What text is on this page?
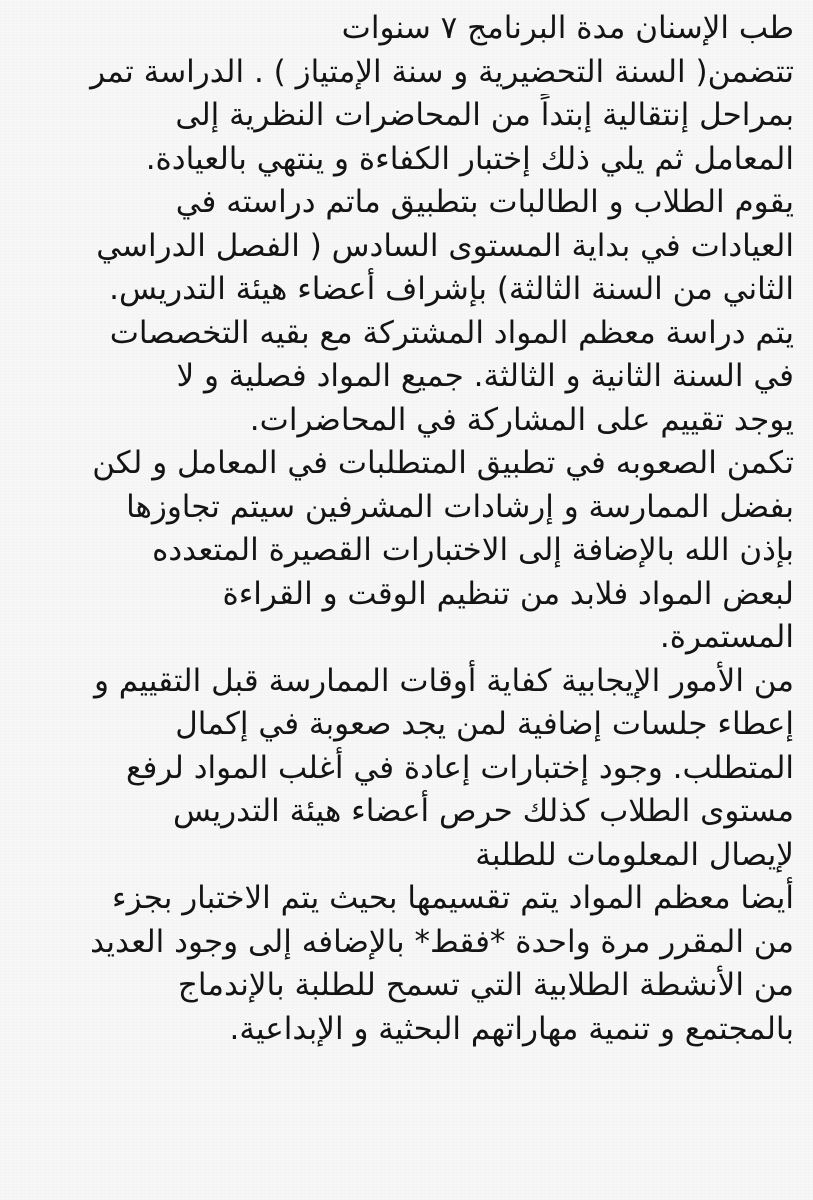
طب الإسنان مدة البرنامج ٧ سنوات
تتضمن( السنة التحضيرية و سنة الإمتياز ) . الدراسة تمر
بمراحل إنتقالية إبتداً من المحاضرات النظرية إلى
المعامل ثم يلي ذلك إختبار الكفاءة و ينتهي بالعيادة.
يقوم الطلاب و الطالبات بتطبيق ماتم دراسته في
العيادات في بداية المستوى السادس ( الفصل الدراسي
الثاني من السنة الثالثة) بإشراف أعضاء هيئة التدريس.
يتم دراسة معظم المواد المشتركة مع بقيه التخصصات
في السنة الثانية و الثالثة. جميع المواد فصلية و لا
يوجد تقييم على المشاركة في المحاضرات.
تكمن الصعوبه في تطبيق المتطلبات في المعامل و لكن
بفضل الممارسة و إرشادات المشرفين سيتم تجاوزها
بإذن الله بالإضافة إلى الاختبارات القصيرة المتعدده
لبعض المواد فلابد من تنظيم الوقت و القراءة
المستمرة.
من الأمور الإيجابية كفاية أوقات الممارسة قبل التقييم و
إعطاء جلسات إضافية لمن يجد صعوبة في إكمال
المتطلب. وجود إختبارات إعادة في أغلب المواد لرفع
مستوى الطلاب كذلك حرص أعضاء هيئة التدريس
لإيصال المعلومات للطلبة
أيضا معظم المواد يتم تقسيمها بحيث يتم الاختبار بجزء
من المقرر مرة واحدة *فقط* بالإضافه إلى وجود العديد
من الأنشطة الطلابية التي تسمح للطلبة بالإندماج
بالمجتمع و تنمية مهاراتهم البحثية و الإبداعية.
